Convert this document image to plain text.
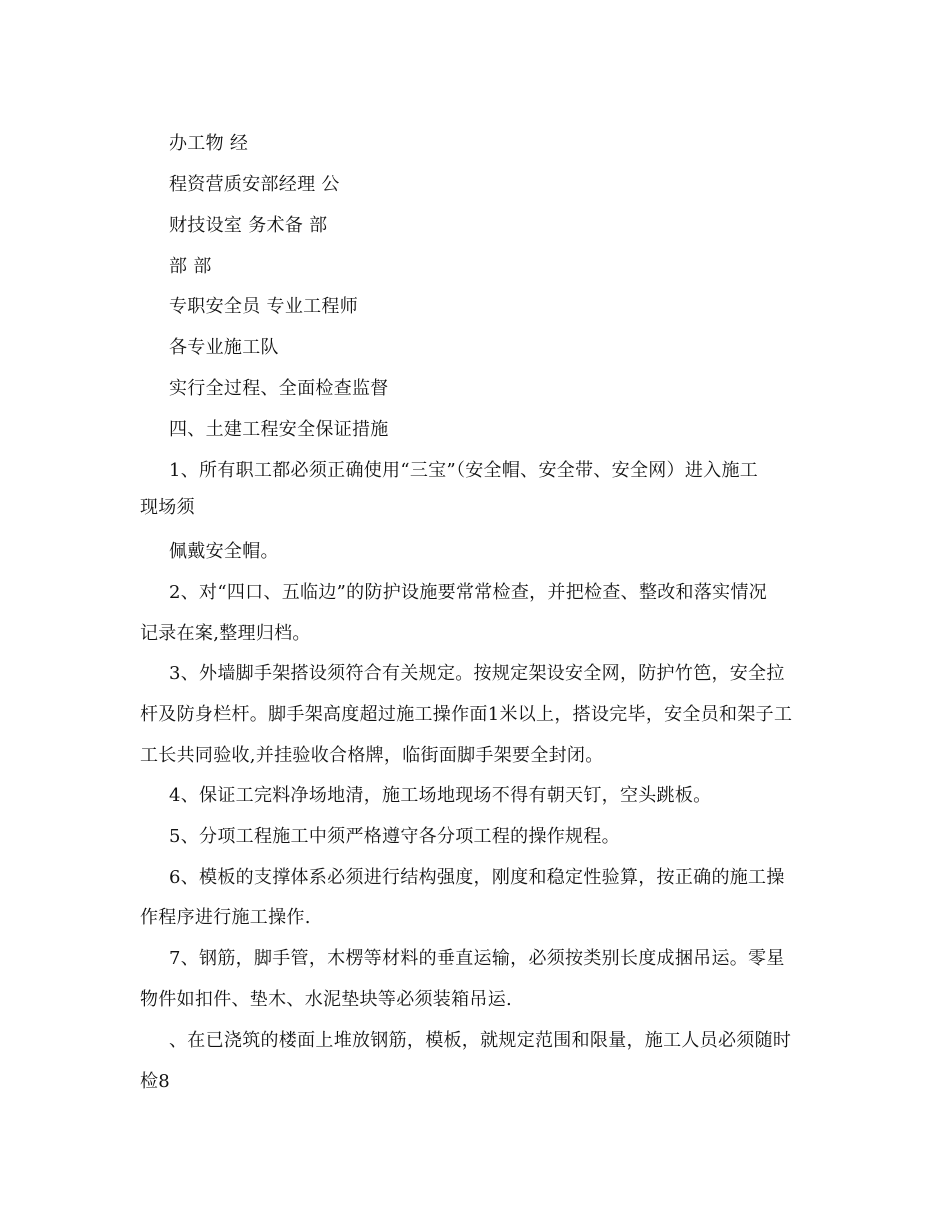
办工物 经
程资营质安部经理 公
财技设室 务术备 部
部 部
专职安全员 专业工程师
各专业施工队
实行全过程、全面检查监督
四、土建工程安全保证措施
1、所有职工都必须正确使用“三宝”（安全帽、安全带、安全网）进入施工
现场须
佩戴安全帽。
2、对“四口、五临边”的防护设施要常常检查，并把检查、整改和落实情况
记录在案,整理归档。
3、外墙脚手架搭设须符合有关规定。按规定架设安全网，防护竹笆，安全拉
杆及防身栏杆。脚手架高度超过施工操作面1米以上，搭设完毕，安全员和架子工
工长共同验收,并挂验收合格牌，临街面脚手架要全封闭。
4、保证工完料净场地清，施工场地现场不得有朝天钉，空头跳板。
5、分项工程施工中须严格遵守各分项工程的操作规程。
6、模板的支撑体系必须进行结构强度，刚度和稳定性验算，按正确的施工操
作程序进行施工操作.
7、钢筋，脚手管，木楞等材料的垂直运输，必须按类别长度成捆吊运。零星
物件如扣件、垫木、水泥垫块等必须装箱吊运.
、在已浇筑的楼面上堆放钢筋，模板，就规定范围和限量，施工人员必须随时
检8
